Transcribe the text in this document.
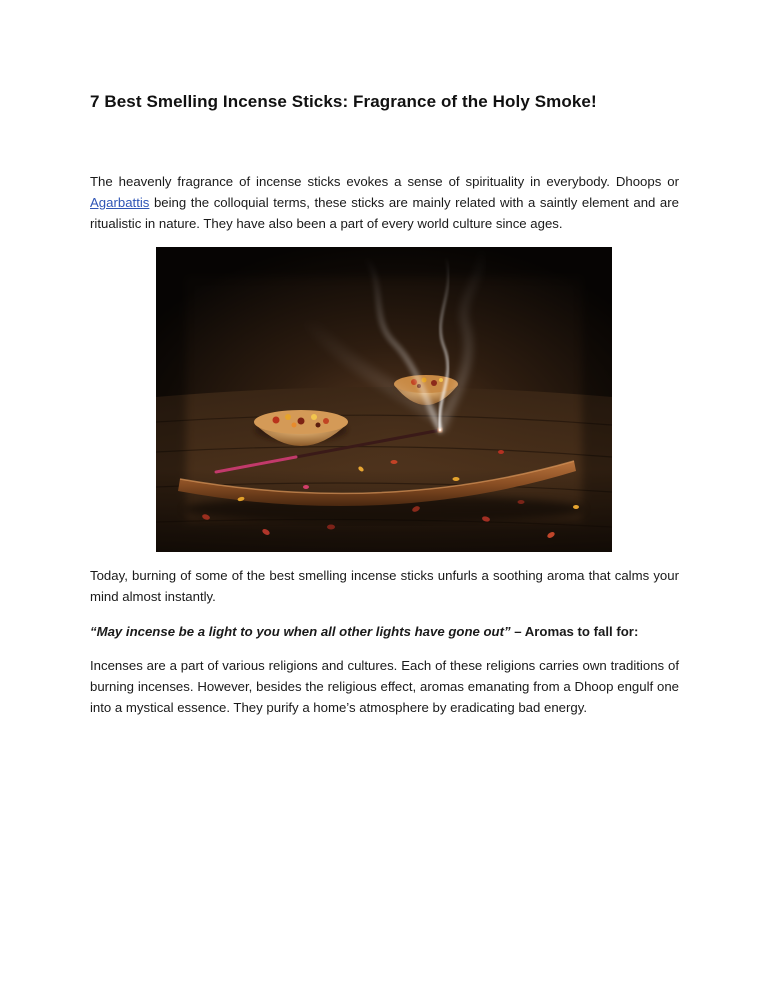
7 Best Smelling Incense Sticks: Fragrance of the Holy Smoke!

The heavenly fragrance of incense sticks evokes a sense of spirituality in everybody. Dhoops or Agarbattis being the colloquial terms, these sticks are mainly related with a saintly element and are ritualistic in nature. They have also been a part of every world culture since ages.

Today, burning of some of the best smelling incense sticks unfurls a soothing aroma that calms your mind almost instantly.

“May incense be a light to you when all other lights have gone out” – Aromas to fall for:

Incenses are a part of various religions and cultures. Each of these religions carries own traditions of burning incenses. However, besides the religious effect, aromas emanating from a Dhoop engulf one into a mystical essence. They purify a home’s atmosphere by eradicating bad energy.
